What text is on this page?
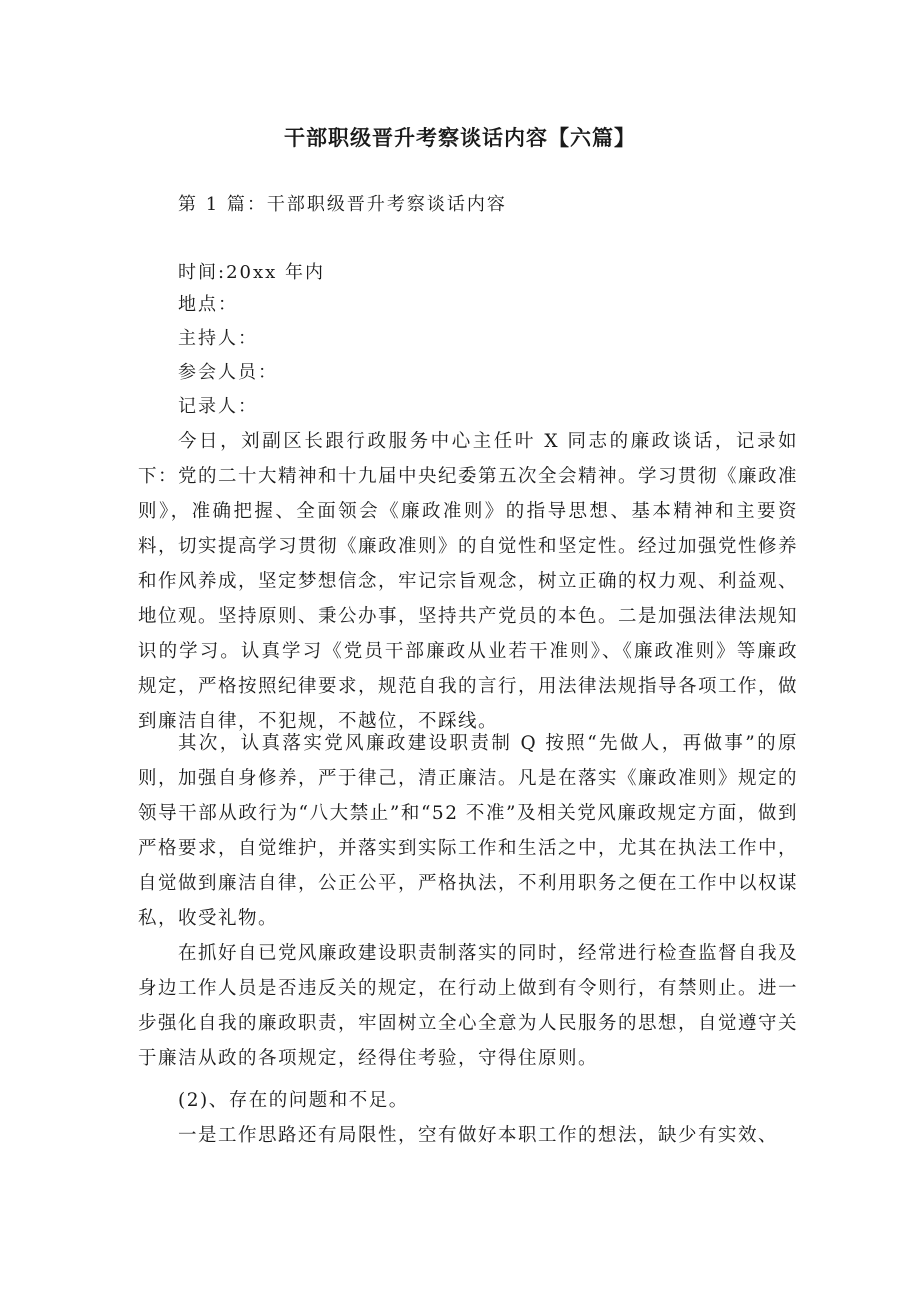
干部职级晋升考察谈话内容【六篇】
第 1 篇：干部职级晋升考察谈话内容
时间:20xx 年内
地点：
主持人：
参会人员：
记录人：

今日，刘副区长跟行政服务中心主任叶 X 同志的廉政谈话，记录如下： 党的二十大精神和十九届中央纪委第五次全会精神。学习贯彻《廉政准则》，准确把握、全面领会《廉政准则》的指导思想、基本精神和主要资料，切实提高学习贯彻《廉政准则》的自觉性和坚定性。经过加强党性修养和作风养成，坚定梦想信念，牢记宗旨观念，树立正确的权力观、利益观、地位观。坚持原则、秉公办事，坚持共产党员的本色。二是加强法律法规知识的学习。认真学习《党员干部廉政从业若干准则》、《廉政准则》等廉政规定，严格按照纪律要求，规范自我的言行，用法律法规指导各项工作，做到廉洁自律，不犯规，不越位，不踩线。

其次，认真落实党风廉政建设职责制 Q 按照“先做人，再做事”的原则，加强自身修养，严于律己，清正廉洁。凡是在落实《廉政准则》规定的领导干部从政行为“八大禁止”和“52 不准”及相关党风廉政规定方面，做到严格要求，自觉维护，并落实到实际工作和生活之中，尤其在执法工作中，自觉做到廉洁自律，公正公平，严格执法，不利用职务之便在工作中以权谋私，收受礼物。

在抓好自已党风廉政建设职责制落实的同时，经常进行检查监督自我及身边工作人员是否违反关的规定，在行动上做到有令则行，有禁则止。进一步强化自我的廉政职责，牢固树立全心全意为人民服务的思想，自觉遵守关于廉洁从政的各项规定，经得住考验，守得住原则。

(2)、存在的问题和不足。

一是工作思路还有局限性，空有做好本职工作的想法，缺少有实效、
